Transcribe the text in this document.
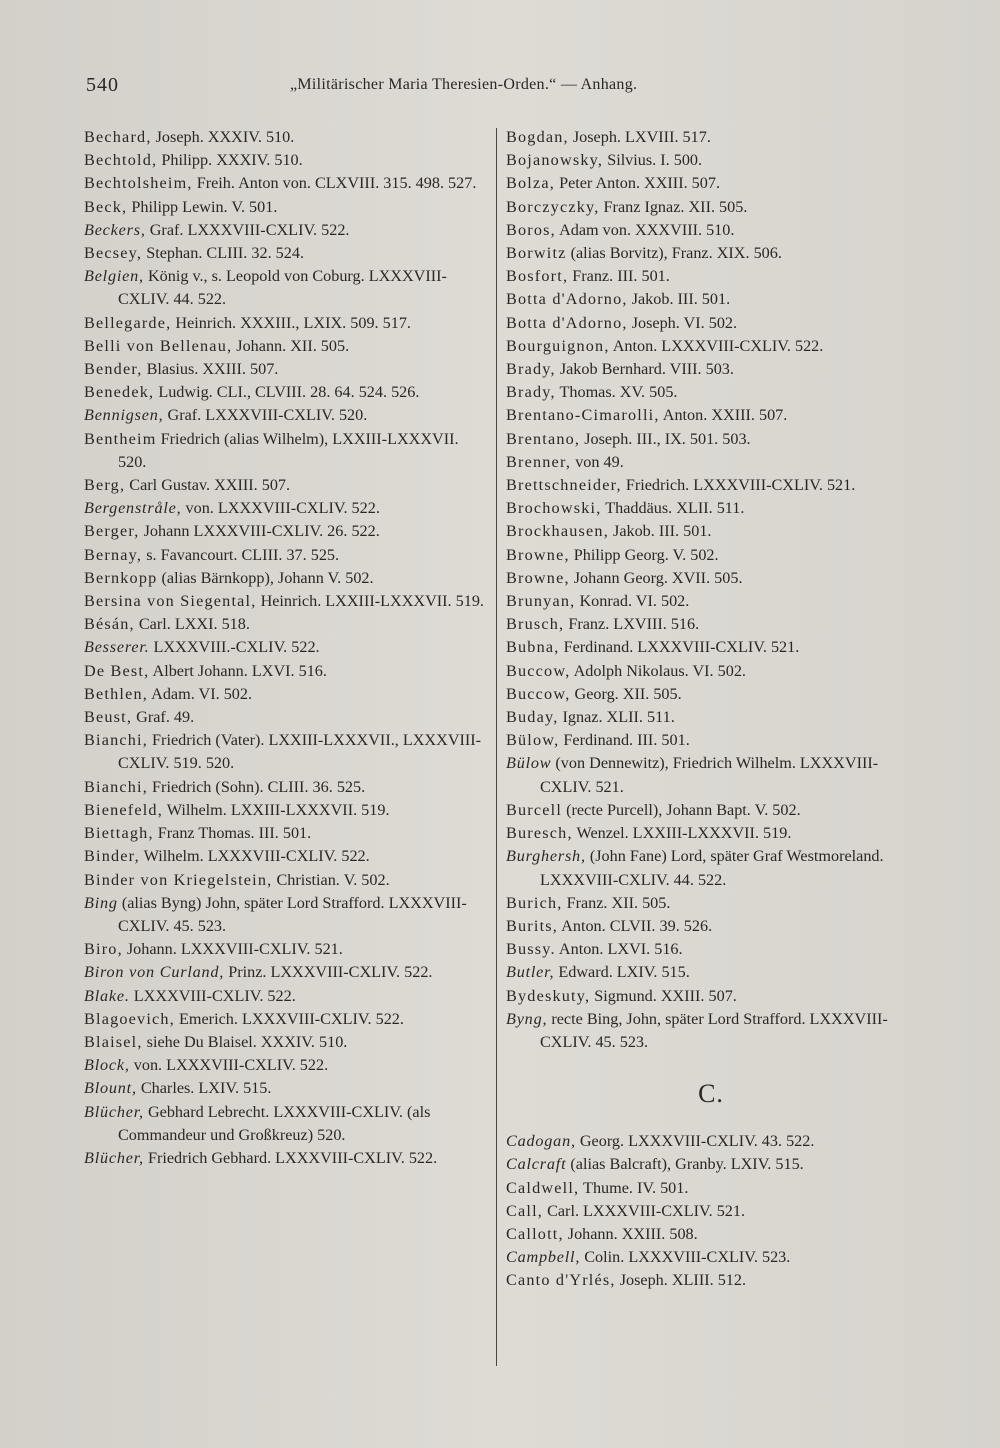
540	„Militärischer Maria Theresien-Orden.“ — Anhang.
Bechard, Joseph. XXXIV. 510.
Bechtold, Philipp. XXXIV. 510.
Bechtolsheim, Freih. Anton von. CLXVIII. 315. 498. 527.
Beck, Philipp Lewin. V. 501.
Beckers, Graf. LXXXVIII-CXLIV. 522.
Becsey, Stephan. CLIII. 32. 524.
Belgien, König v., s. Leopold von Coburg. LXXXVIII-CXLIV. 44. 522.
Bellegarde, Heinrich. XXXIII., LXIX. 509. 517.
Belli von Bellenau, Johann. XII. 505.
Bender, Blasius. XXIII. 507.
Benedek, Ludwig. CLI., CLVIII. 28. 64. 524. 526.
Bennigsen, Graf. LXXXVIII-CXLIV. 520.
Bentheim Friedrich (alias Wilhelm), LXXIII-LXXXVII. 520.
Berg, Carl Gustav. XXIII. 507.
Bergenstråle, von. LXXXVIII-CXLIV. 522.
Berger, Johann LXXXVIII-CXLIV. 26. 522.
Bernay, s. Favancourt. CLIII. 37. 525.
Bernkopp (alias Bärnkopp), Johann V. 502.
Bersina von Siegental, Heinrich. LXXIII-LXXXVII. 519.
Bésán, Carl. LXXI. 518.
Besserer. LXXXVIII.-CXLIV. 522.
De Best, Albert Johann. LXVI. 516.
Bethlen, Adam. VI. 502.
Beust, Graf. 49.
Bianchi, Friedrich (Vater). LXXIII-LXXXVII., LXXXVIII-CXLIV. 519. 520.
Bianchi, Friedrich (Sohn). CLIII. 36. 525.
Bienefeld, Wilhelm. LXXIII-LXXXVII. 519.
Biettagh, Franz Thomas. III. 501.
Binder, Wilhelm. LXXXVIII-CXLIV. 522.
Binder von Kriegelstein, Christian. V. 502.
Bing (alias Byng) John, später Lord Strafford. LXXXVIII-CXLIV. 45. 523.
Biro, Johann. LXXXVIII-CXLIV. 521.
Biron von Curland, Prinz. LXXXVIII-CXLIV. 522.
Blake. LXXXVIII-CXLIV. 522.
Blagoevich, Emerich. LXXXVIII-CXLIV. 522.
Blaisel, siehe Du Blaisel. XXXIV. 510.
Block, von. LXXXVIII-CXLIV. 522.
Blount, Charles. LXIV. 515.
Blücher, Gebhard Lebrecht. LXXXVIII-CXLIV. (als Commandeur und Großkreuz) 520.
Blücher, Friedrich Gebhard. LXXXVIII-CXLIV. 522.
Bogdan, Joseph. LXVIII. 517.
Bojanowsky, Silvius. I. 500.
Bolza, Peter Anton. XXIII. 507.
Borczyczky, Franz Ignaz. XII. 505.
Boros, Adam von. XXXVIII. 510.
Borwitz (alias Borvitz), Franz. XIX. 506.
Bosfort, Franz. III. 501.
Botta d'Adorno, Jakob. III. 501.
Botta d'Adorno, Joseph. VI. 502.
Bourguignon, Anton. LXXXVIII-CXLIV. 522.
Brady, Jakob Bernhard. VIII. 503.
Brady, Thomas. XV. 505.
Brentano-Cimarolli, Anton. XXIII. 507.
Brentano, Joseph. III., IX. 501. 503.
Brenner, von 49.
Brettschneider, Friedrich. LXXXVIII-CXLIV. 521.
Brochowski, Thaddäus. XLII. 511.
Brockhausen, Jakob. III. 501.
Browne, Philipp Georg. V. 502.
Browne, Johann Georg. XVII. 505.
Brunyan, Konrad. VI. 502.
Brusch, Franz. LXVIII. 516.
Bubna, Ferdinand. LXXXVIII-CXLIV. 521.
Buccow, Adolph Nikolaus. VI. 502.
Buccow, Georg. XII. 505.
Buday, Ignaz. XLII. 511.
Bülow, Ferdinand. III. 501.
Bülow (von Dennewitz), Friedrich Wilhelm. LXXXVIII-CXLIV. 521.
Burcell (recte Purcell), Johann Bapt. V. 502.
Buresch, Wenzel. LXXIII-LXXXVII. 519.
Burghersh, (John Fane) Lord, später Graf Westmoreland. LXXXVIII-CXLIV. 44. 522.
Burich, Franz. XII. 505.
Burits, Anton. CLVII. 39. 526.
Bussy. Anton. LXVI. 516.
Butler, Edward. LXIV. 515.
Bydeskuty, Sigmund. XXIII. 507.
Byng, recte Bing, John, später Lord Strafford. LXXXVIII-CXLIV. 45. 523.
C.
Cadogan, Georg. LXXXVIII-CXLIV. 43. 522.
Calcraft (alias Balcraft), Granby. LXIV. 515.
Caldwell, Thume. IV. 501.
Call, Carl. LXXXVIII-CXLIV. 521.
Callott, Johann. XXIII. 508.
Campbell, Colin. LXXXVIII-CXLIV. 523.
Canto d'Yrlés, Joseph. XLIII. 512.
